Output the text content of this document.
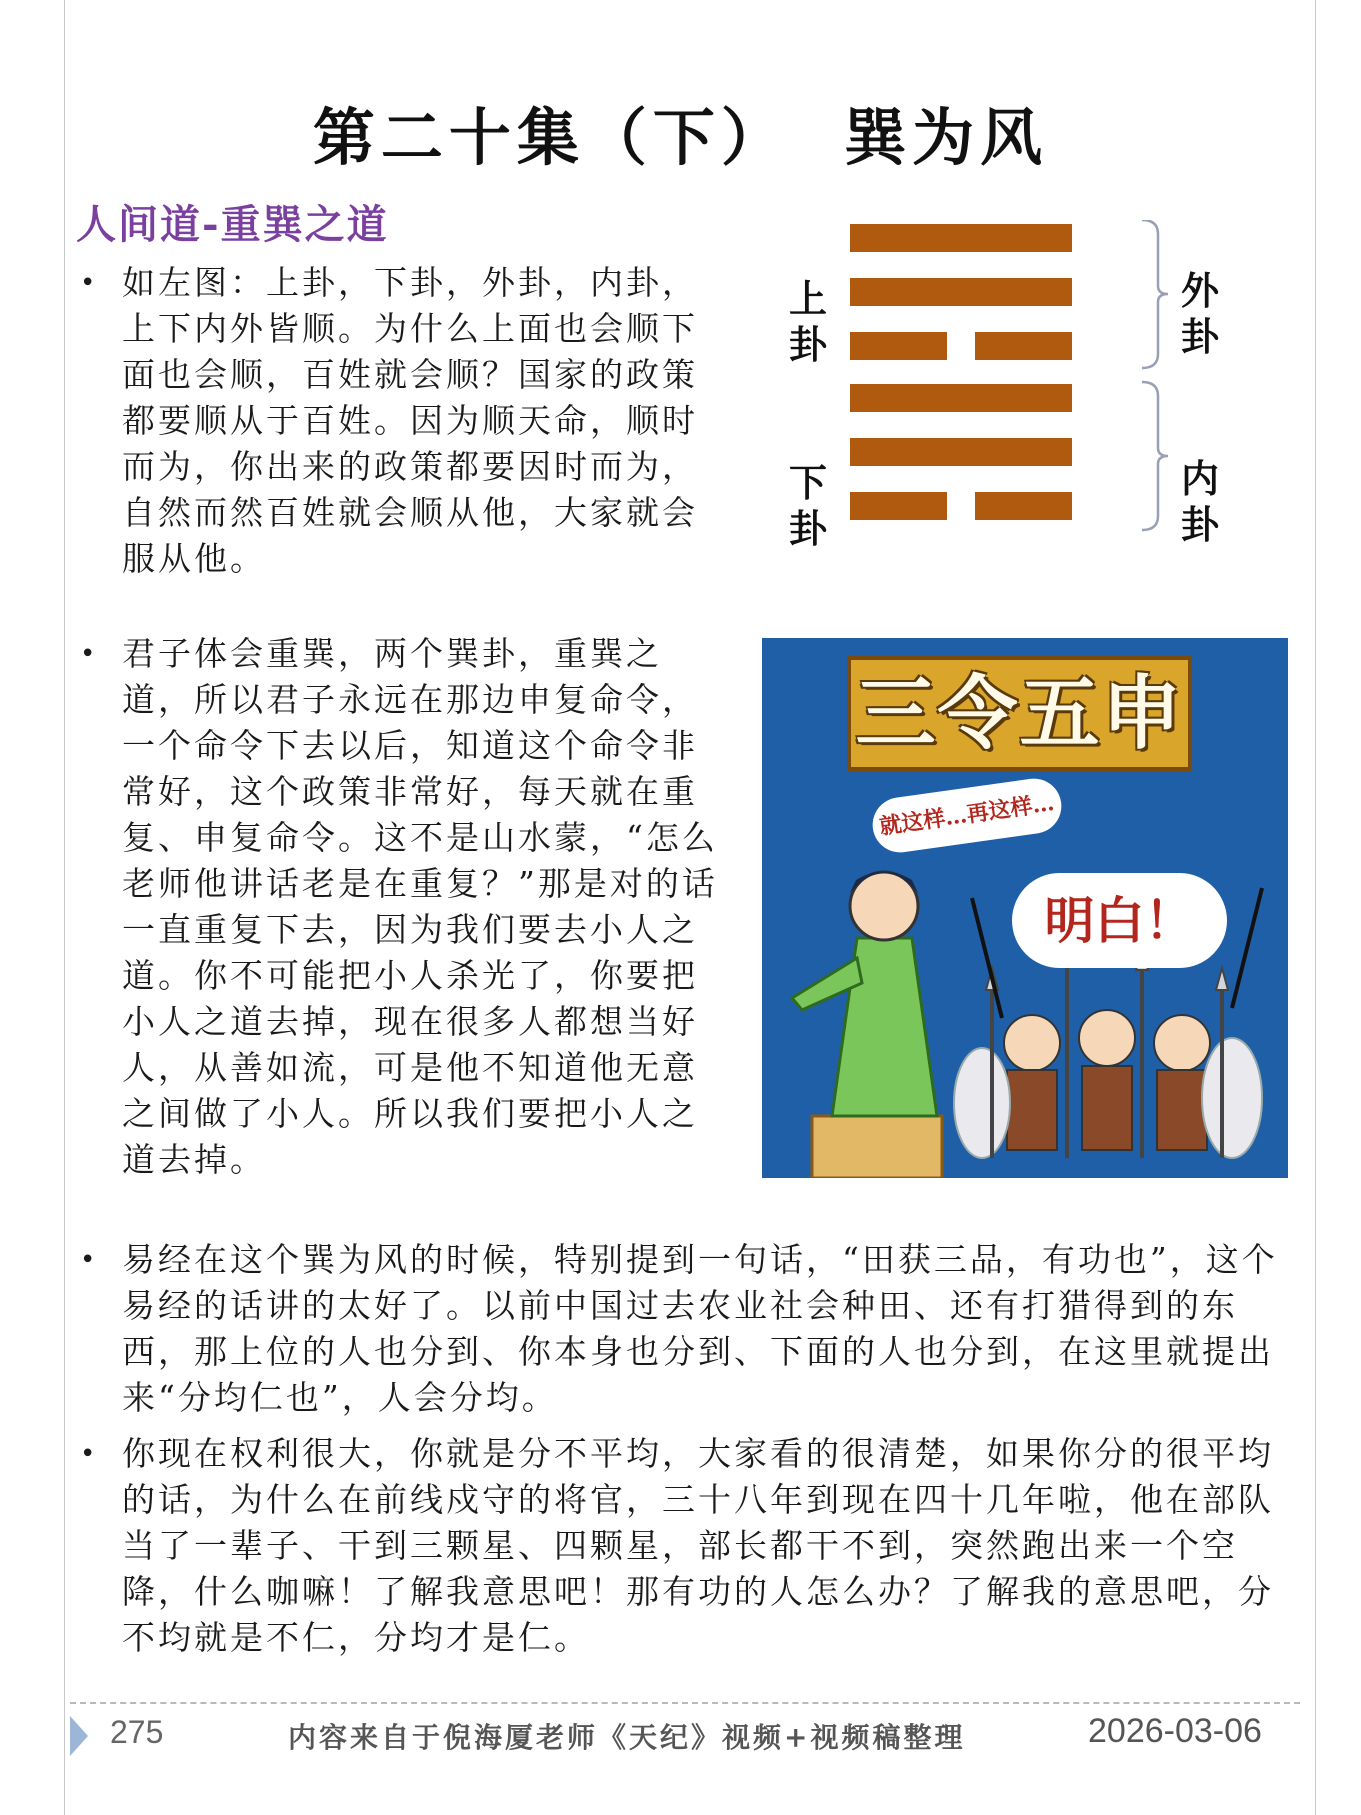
第二十集（下）  巽为风
人间道-重巽之道
• 如左图：上卦，下卦，外卦，内卦，上下内外皆顺。为什么上面也会顺下面也会顺，百姓就会顺？国家的政策都要顺从于百姓。因为顺天命，顺时而为，你出来的政策都要因时而为，自然而然百姓就会顺从他，大家就会服从他。
上卦
下卦
外卦
内卦
• 君子体会重巽，两个巽卦，重巽之道，所以君子永远在那边申复命令，一个命令下去以后，知道这个命令非常好，这个政策非常好，每天就在重复、申复命令。这不是山水蒙，“怎么老师他讲话老是在重复？”那是对的话一直重复下去，因为我们要去小人之道。你不可能把小人杀光了，你要把小人之道去掉，现在很多人都想当好人，从善如流，可是他不知道他无意之间做了小人。所以我们要把小人之道去掉。
三令五申
就这样…再这样…
明白！
• 易经在这个巽为风的时候，特别提到一句话，“田获三品，有功也”，这个易经的话讲的太好了。以前中国过去农业社会种田、还有打猎得到的东西，那上位的人也分到、你本身也分到、下面的人也分到，在这里就提出来“分均仁也”，人会分均。
• 你现在权利很大，你就是分不平均，大家看的很清楚，如果你分的很平均的话，为什么在前线戍守的将官，三十八年到现在四十几年啦，他在部队当了一辈子、干到三颗星、四颗星，部长都干不到，突然跑出来一个空降，什么咖嘛！了解我意思吧！那有功的人怎么办？了解我的意思吧，分不均就是不仁，分均才是仁。
275	内容来自于倪海厦老师《天纪》视频+视频稿整理	2026-03-06
